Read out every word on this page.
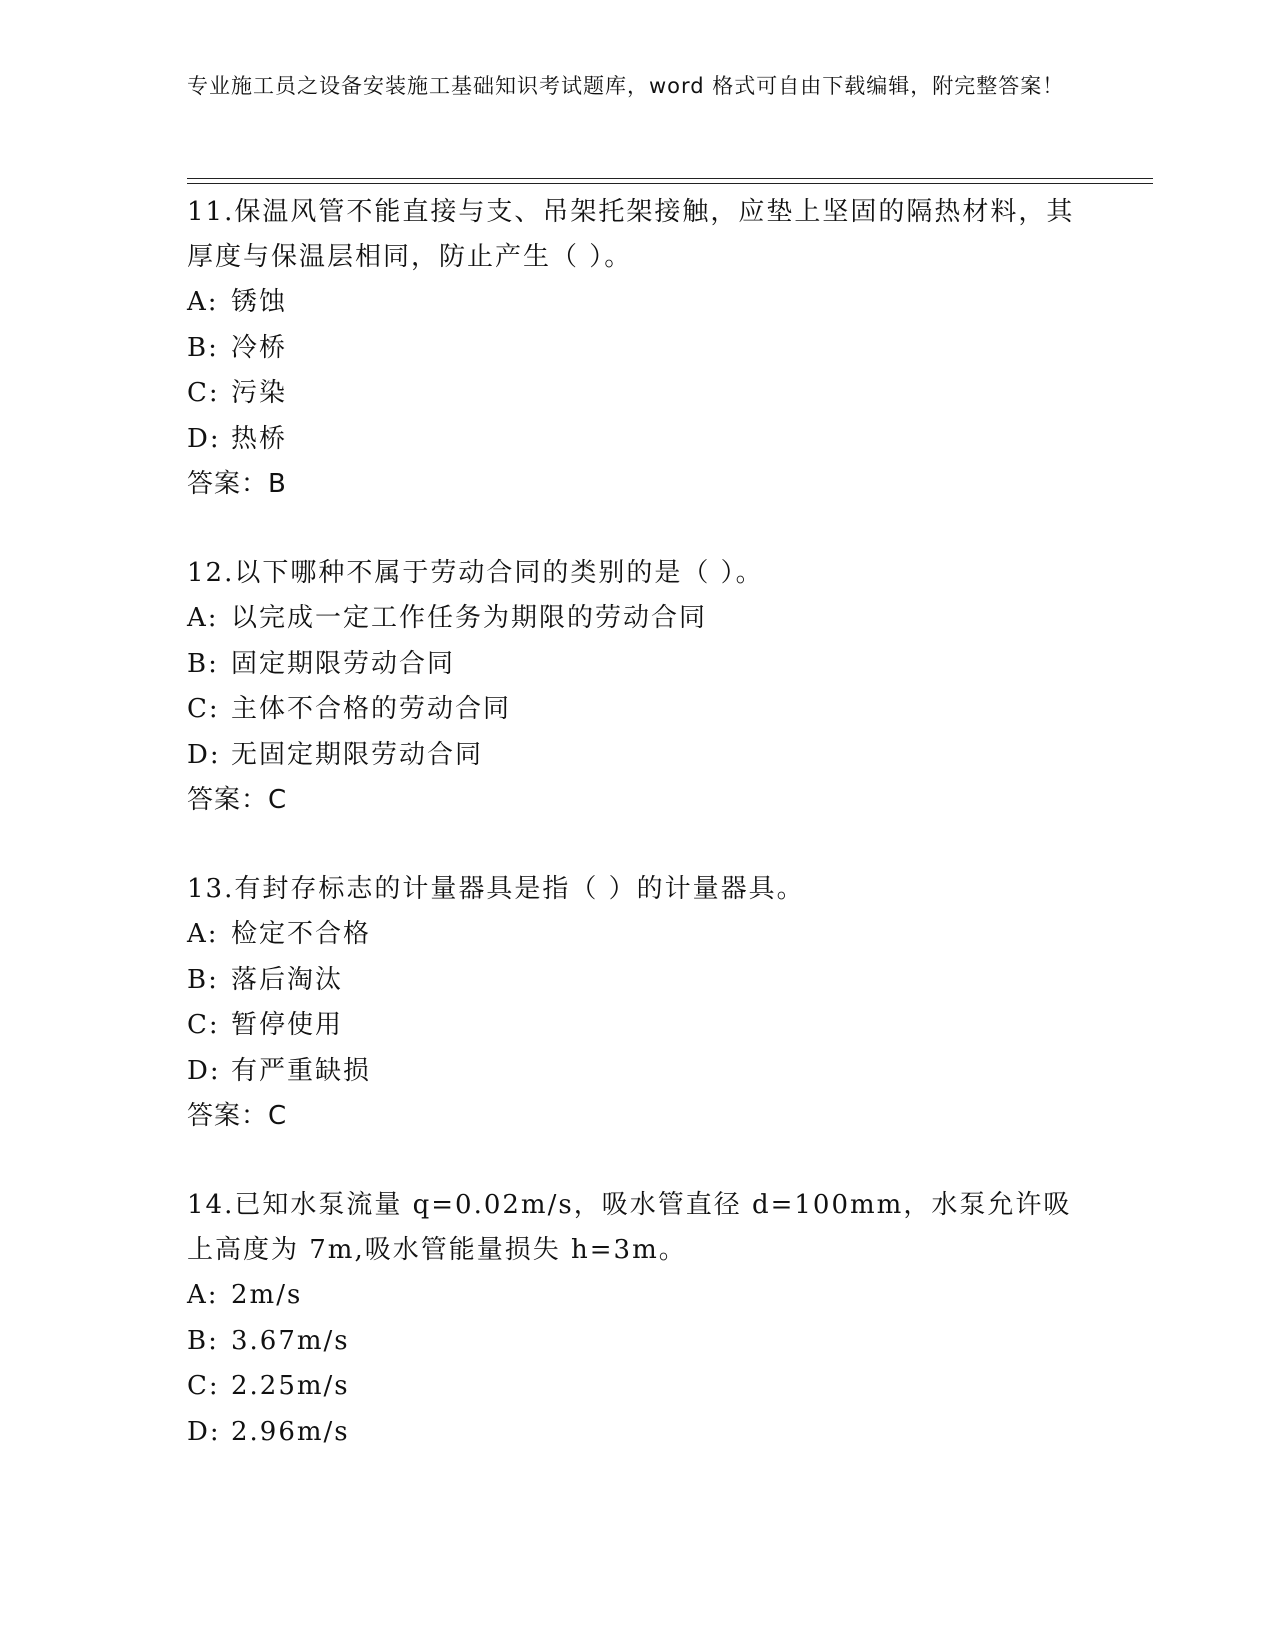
专业施工员之设备安装施工基础知识考试题库，word 格式可自由下载编辑，附完整答案！

11.保温风管不能直接与支、吊架托架接触，应垫上坚固的隔热材料，其厚度与保温层相同，防止产生（ ）。

A: 锈蚀
B: 冷桥
C: 污染
D: 热桥
答案：B

12.以下哪种不属于劳动合同的类别的是（ ）。

A: 以完成一定工作任务为期限的劳动合同
B: 固定期限劳动合同
C: 主体不合格的劳动合同
D: 无固定期限劳动合同
答案：C

13.有封存标志的计量器具是指（ ）的计量器具。

A: 检定不合格
B: 落后淘汰
C: 暂停使用
D: 有严重缺损
答案：C

14.已知水泵流量 q=0.02m/s，吸水管直径 d=100mm，水泵允许吸上高度为 7m,吸水管能量损失 h=3m。

A: 2m/s
B: 3.67m/s
C: 2.25m/s
D: 2.96m/s
